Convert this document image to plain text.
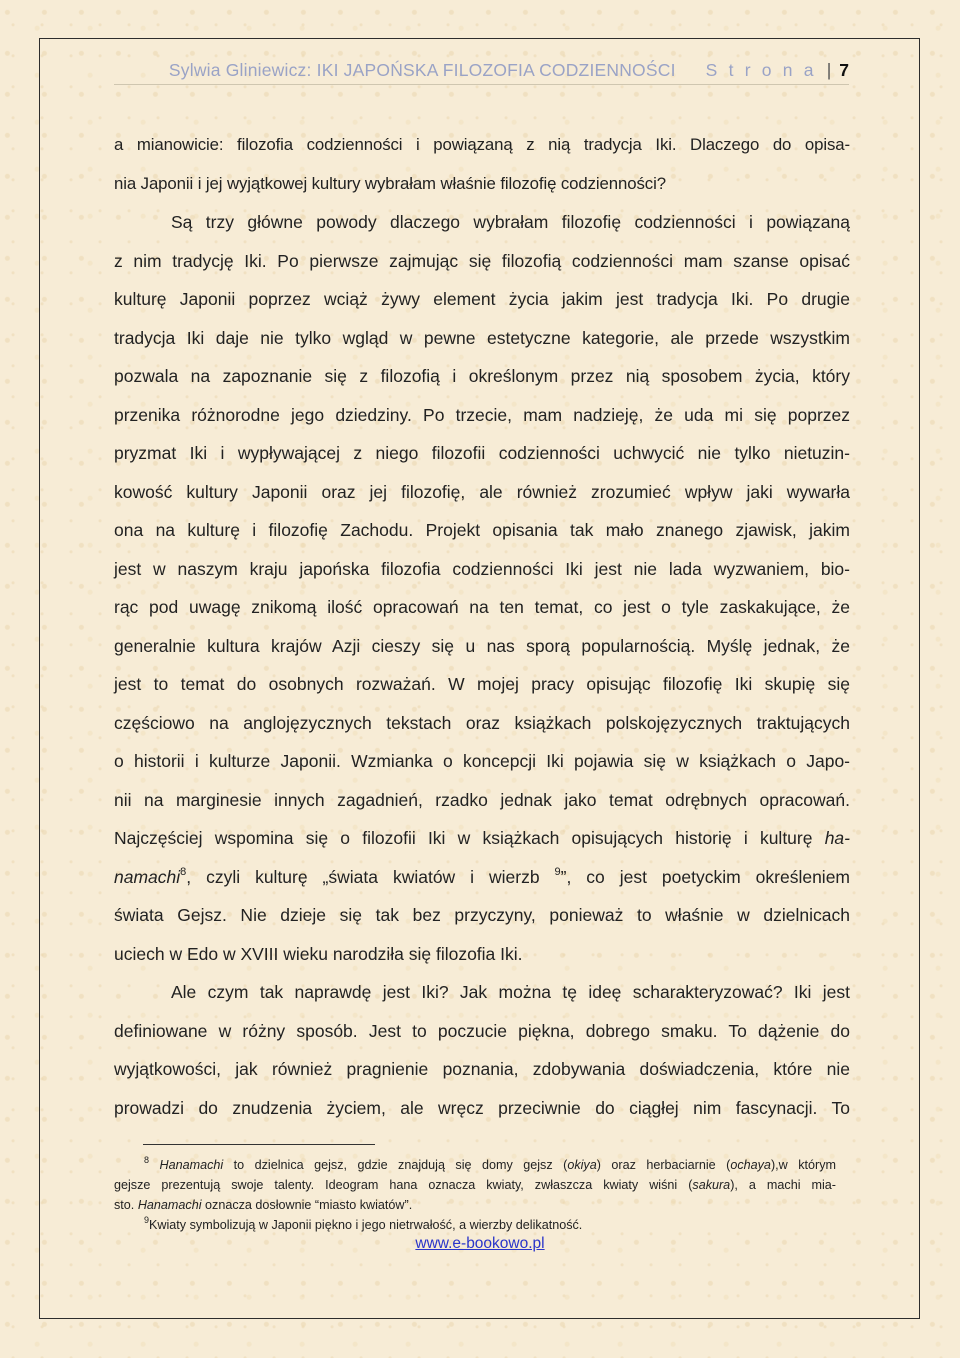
Sylwia Gliniewicz: IKI JAPOŃSKA FILOZOFIA CODZIENNOŚCI S t r o n a | 7
a mianowicie: filozofia codzienności i powiązaną z nią tradycja Iki. Dlaczego do opisa-
nia Japonii i jej wyjątkowej kultury wybrałam właśnie filozofię codzienności?
Są trzy główne powody dlaczego wybrałam filozofię codzienności i powiązaną
z nim tradycję Iki. Po pierwsze zajmując się filozofią codzienności mam szanse opisać
kulturę Japonii poprzez wciąż żywy element życia jakim jest tradycja Iki. Po drugie
tradycja Iki daje nie tylko wgląd w pewne estetyczne kategorie, ale przede wszystkim
pozwala na zapoznanie się z filozofią i określonym przez nią sposobem życia, który
przenika różnorodne jego dziedziny. Po trzecie, mam nadzieję, że uda mi się poprzez
pryzmat Iki i wypływającej z niego filozofii codzienności uchwycić nie tylko nietuzin-
kowość kultury Japonii oraz jej filozofię, ale również zrozumieć wpływ jaki wywarła
ona na kulturę i filozofię Zachodu. Projekt opisania tak mało znanego zjawisk, jakim
jest w naszym kraju japońska filozofia codzienności Iki jest nie lada wyzwaniem, bio-
rąc pod uwagę znikomą ilość opracowań na ten temat, co jest o tyle zaskakujące, że
generalnie kultura krajów Azji cieszy się u nas sporą popularnością. Myślę jednak, że
jest to temat do osobnych rozważań. W mojej pracy opisując filozofię Iki skupię się
częściowo na anglojęzycznych tekstach oraz książkach polskojęzycznych traktujących
o historii i kulturze Japonii. Wzmianka o koncepcji Iki pojawia się w książkach o Japo-
nii na marginesie innych zagadnień, rzadko jednak jako temat odrębnych opracowań.
Najczęściej wspomina się o filozofii Iki w książkach opisujących historię i kulturę ha-
namachi$^8$, czyli kulturę „świata kwiatów i wierzb $^9$”, co jest poetyckim określeniem
świata Gejsz. Nie dzieje się tak bez przyczyny, ponieważ to właśnie w dzielnicach
uciech w Edo w XVIII wieku narodziła się filozofia Iki.
Ale czym tak naprawdę jest Iki? Jak można tę ideę scharakteryzować? Iki jest
definiowane w różny sposób. Jest to poczucie piękna, dobrego smaku. To dążenie do
wyjątkowości, jak również pragnienie poznania, zdobywania doświadczenia, które nie
prowadzi do znudzenia życiem, ale wręcz przeciwnie do ciągłej nim fascynacji. To
$^8$ Hanamachi to dzielnica gejsz, gdzie znajdują się domy gejsz (okiya) oraz herbaciarnie (ochaya),w którym
gejsze prezentują swoje talenty. Ideogram hana oznacza kwiaty, zwłaszcza kwiaty wiśni (sakura), a machi mia-
sto. Hanamachi oznacza dosłownie “miasto kwiatów”.
$^9$Kwiaty symbolizują w Japonii piękno i jego nietrwałość, a wierzby delikatność.
www.e-bookowo.pl
